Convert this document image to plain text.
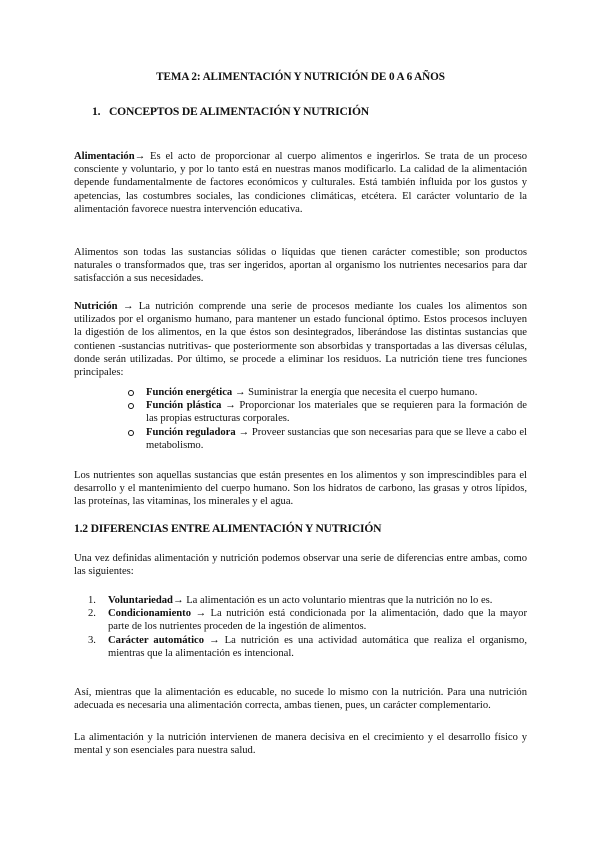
TEMA 2: ALIMENTACIÓN Y NUTRICIÓN DE 0 A 6 AÑOS
1. CONCEPTOS DE ALIMENTACIÓN Y NUTRICIÓN

Alimentación→ Es el acto de proporcionar al cuerpo alimentos e ingerirlos. Se trata de un proceso consciente y voluntario, y por lo tanto está en nuestras manos modificarlo. La calidad de la alimentación depende fundamentalmente de factores económicos y culturales. Está también influida por los gustos y apetencias, las costumbres sociales, las condiciones climáticas, etcétera. El carácter voluntario de la alimentación favorece nuestra intervención educativa.

Alimentos son todas las sustancias sólidas o líquidas que tienen carácter comestible; son productos naturales o transformados que, tras ser ingeridos, aportan al organismo los nutrientes necesarios para dar satisfacción a sus necesidades.

Nutrición → La nutrición comprende una serie de procesos mediante los cuales los alimentos son utilizados por el organismo humano, para mantener un estado funcional óptimo. Estos procesos incluyen la digestión de los alimentos, en la que éstos son desintegrados, liberándose las distintas sustancias que contienen -sustancias nutritivas- que posteriormente son absorbidas y transportadas a las diversas células, donde serán utilizadas. Por último, se procede a eliminar los residuos. La nutrición tiene tres funciones principales:

Función energética → Suministrar la energía que necesita el cuerpo humano.
Función plástica → Proporcionar los materiales que se requieren para la formación de las propias estructuras corporales.
Función reguladora → Proveer sustancias que son necesarias para que se lleve a cabo el metabolismo.

Los nutrientes son aquellas sustancias que están presentes en los alimentos y son imprescindibles para el desarrollo y el mantenimiento del cuerpo humano. Son los hidratos de carbono, las grasas y otros lípidos, las proteínas, las vitaminas, los minerales y el agua.

1.2 DIFERENCIAS ENTRE ALIMENTACIÓN Y NUTRICIÓN

Una vez definidas alimentación y nutrición podemos observar una serie de diferencias entre ambas, como las siguientes:

1. Voluntariedad→ La alimentación es un acto voluntario mientras que la nutrición no lo es.
2. Condicionamiento → La nutrición está condicionada por la alimentación, dado que la mayor parte de los nutrientes proceden de la ingestión de alimentos.
3. Carácter automático → La nutrición es una actividad automática que realiza el organismo, mientras que la alimentación es intencional.

Así, mientras que la alimentación es educable, no sucede lo mismo con la nutrición. Para una nutrición adecuada es necesaria una alimentación correcta, ambas tienen, pues, un carácter complementario.

La alimentación y la nutrición intervienen de manera decisiva en el crecimiento y el desarrollo físico y mental y son esenciales para nuestra salud.
